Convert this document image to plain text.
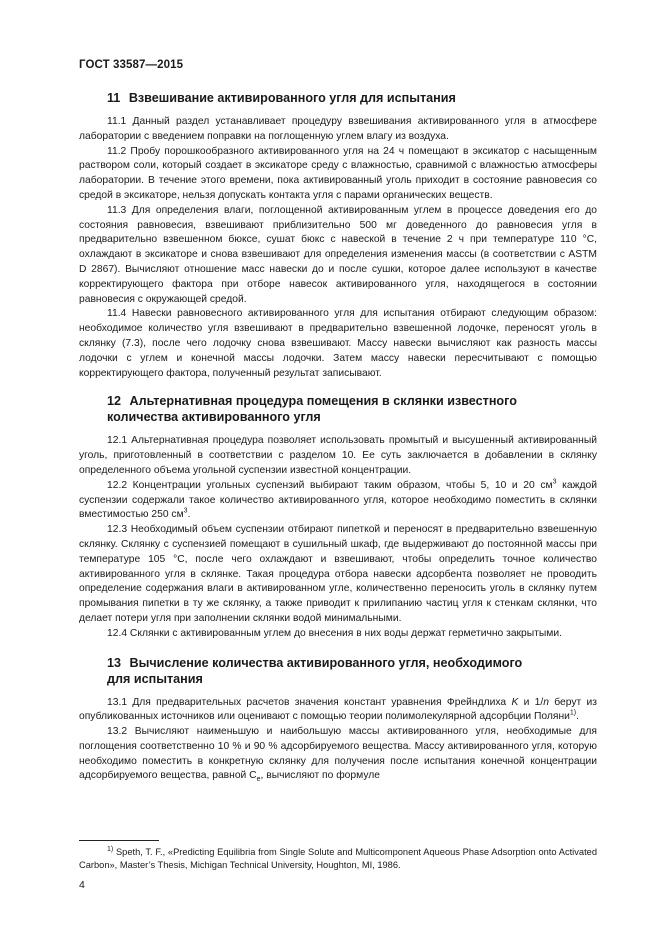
ГОСТ 33587—2015
11 Взвешивание активированного угля для испытания

11.1 Данный раздел устанавливает процедуру взвешивания активированного угля в атмосфере лаборатории с введением поправки на поглощенную углем влагу из воздуха.

11.2 Пробу порошкообразного активированного угля на 24 ч помещают в эксикатор с насыщенным раствором соли, который создает в эксикаторе среду с влажностью, сравнимой с влажностью атмосферы лаборатории. В течение этого времени, пока активированный уголь приходит в состояние равновесия со средой в эксикаторе, нельзя допускать контакта угля с парами органических веществ.

11.3 Для определения влаги, поглощенной активированным углем в процессе доведения его до состояния равновесия, взвешивают приблизительно 500 мг доведенного до равновесия угля в предварительно взвешенном бюксе, сушат бюкс с навеской в течение 2 ч при температуре 110 °С, охлаждают в эксикаторе и снова взвешивают для определения изменения массы (в соответствии с ASTM D 2867). Вычисляют отношение масс навески до и после сушки, которое далее используют в качестве корректирующего фактора при отборе навесок активированного угля, находящегося в состоянии равновесия с окружающей средой.

11.4 Навески равновесного активированного угля для испытания отбирают следующим образом: необходимое количество угля взвешивают в предварительно взвешенной лодочке, переносят уголь в склянку (7.3), после чего лодочку снова взвешивают. Массу навески вычисляют как разность массы лодочки с углем и конечной массы лодочки. Затем массу навески пересчитывают с помощью корректирующего фактора, полученный результат записывают.

12 Альтернативная процедура помещения в склянки известного
количества активированного угля

12.1 Альтернативная процедура позволяет использовать промытый и высушенный активированный уголь, приготовленный в соответствии с разделом 10. Ее суть заключается в добавлении в склянку определенного объема угольной суспензии известной концентрации.

12.2 Концентрации угольных суспензий выбирают таким образом, чтобы 5, 10 и 20 $см^3$ каждой суспензии содержали такое количество активированного угля, которое необходимо поместить в склянки вместимостью 250 $см^3$.

12.3 Необходимый объем суспензии отбирают пипеткой и переносят в предварительно взвешенную склянку. Склянку с суспензией помещают в сушильный шкаф, где выдерживают до постоянной массы при температуре 105 °С, после чего охлаждают и взвешивают, чтобы определить точное количество активированного угля в склянке. Такая процедура отбора навески адсорбента позволяет не проводить определение содержания влаги в активированном угле, количественно переносить уголь в склянку путем промывания пипетки в ту же склянку, а также приводит к прилипанию частиц угля к стенкам склянки, что делает потери угля при заполнении склянки водой минимальными.

12.4 Склянки с активированным углем до внесения в них воды держат герметично закрытыми.

13 Вычисление количества активированного угля, необходимого
для испытания

13.1 Для предварительных расчетов значения констант уравнения Фрейндлиха K и 1/n берут из опубликованных источников или оценивают с помощью теории полимолекулярной адсорбции Поляни$^{1)}$.

13.2 Вычисляют наименьшую и наибольшую массы активированного угля, необходимые для поглощения соответственно 10 % и 90 % адсорбируемого вещества. Массу активированного угля, которую необходимо поместить в конкретную склянку для получения после испытания конечной концентрации адсорбируемого вещества, равной $С_e$, вычисляют по формуле

$^{1)}$ Speth, T. F., «Predicting Equilibria from Single Solute and Multicomponent Aqueous Phase Adsorption onto Activated Carbon», Master’s Thesis, Michigan Technical University, Houghton, MI, 1986.

4
